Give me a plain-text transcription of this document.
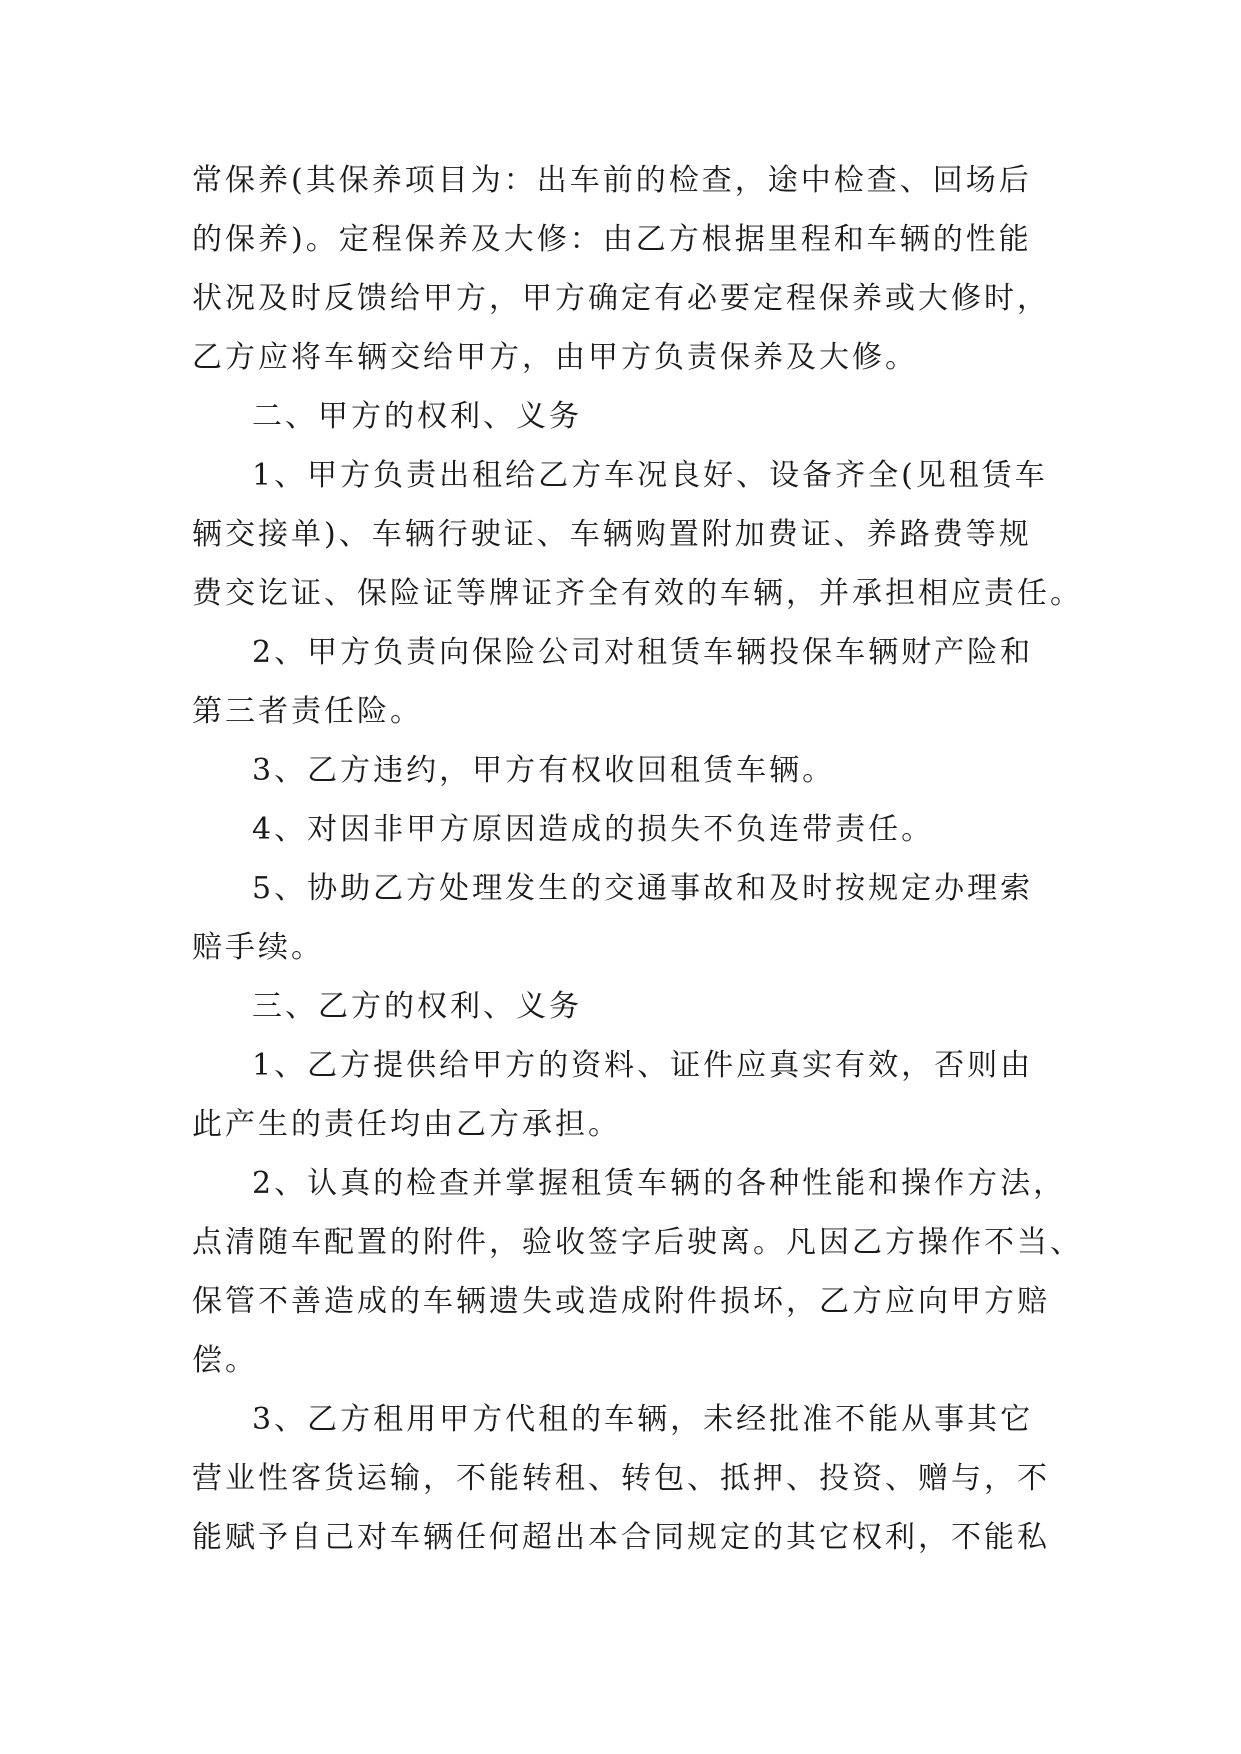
常保养(其保养项目为：出车前的检查，途中检查、回场后
的保养)。定程保养及大修：由乙方根据里程和车辆的性能
状况及时反馈给甲方，甲方确定有必要定程保养或大修时，
乙方应将车辆交给甲方，由甲方负责保养及大修。
二、甲方的权利、义务
1、甲方负责出租给乙方车况良好、设备齐全(见租赁车
辆交接单)、车辆行驶证、车辆购置附加费证、养路费等规
费交讫证、保险证等牌证齐全有效的车辆，并承担相应责任。
2、甲方负责向保险公司对租赁车辆投保车辆财产险和
第三者责任险。
3、乙方违约，甲方有权收回租赁车辆。
4、对因非甲方原因造成的损失不负连带责任。
5、协助乙方处理发生的交通事故和及时按规定办理索
赔手续。
三、乙方的权利、义务
1、乙方提供给甲方的资料、证件应真实有效，否则由
此产生的责任均由乙方承担。
2、认真的检查并掌握租赁车辆的各种性能和操作方法，
点清随车配置的附件，验收签字后驶离。凡因乙方操作不当、
保管不善造成的车辆遗失或造成附件损坏，乙方应向甲方赔
偿。
3、乙方租用甲方代租的车辆，未经批准不能从事其它
营业性客货运输，不能转租、转包、抵押、投资、赠与，不
能赋予自己对车辆任何超出本合同规定的其它权利，不能私
